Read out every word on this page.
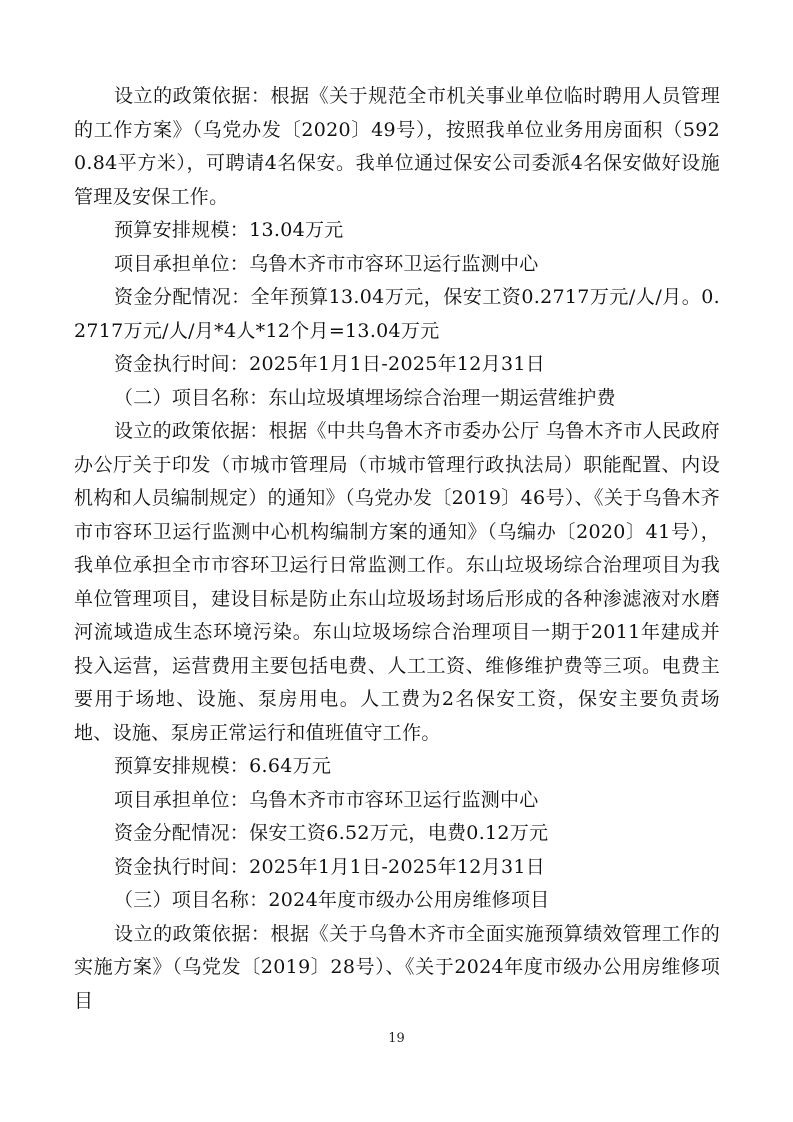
设立的政策依据：根据《关于规范全市机关事业单位临时聘用人员管理的工作方案》（乌党办发〔2020〕49号），按照我单位业务用房面积（5920.84平方米），可聘请4名保安。我单位通过保安公司委派4名保安做好设施管理及安保工作。

预算安排规模：13.04万元

项目承担单位：乌鲁木齐市市容环卫运行监测中心

资金分配情况：全年预算13.04万元，保安工资0.2717万元/人/月。0.2717万元/人/月*4人*12个月=13.04万元

资金执行时间：2025年1月1日-2025年12月31日

（二）项目名称：东山垃圾填埋场综合治理一期运营维护费

设立的政策依据：根据《中共乌鲁木齐市委办公厅 乌鲁木齐市人民政府办公厅关于印发（市城市管理局（市城市管理行政执法局）职能配置、内设机构和人员编制规定）的通知》（乌党办发〔2019〕46号）、《关于乌鲁木齐市市容环卫运行监测中心机构编制方案的通知》（乌编办〔2020〕41号），我单位承担全市市容环卫运行日常监测工作。东山垃圾场综合治理项目为我单位管理项目，建设目标是防止东山垃圾场封场后形成的各种渗滤液对水磨河流域造成生态环境污染。东山垃圾场综合治理项目一期于2011年建成并投入运营，运营费用主要包括电费、人工工资、维修维护费等三项。电费主要用于场地、设施、泵房用电。人工费为2名保安工资，保安主要负责场地、设施、泵房正常运行和值班值守工作。

预算安排规模：6.64万元

项目承担单位：乌鲁木齐市市容环卫运行监测中心

资金分配情况：保安工资6.52万元，电费0.12万元

资金执行时间：2025年1月1日-2025年12月31日

（三）项目名称：2024年度市级办公用房维修项目

设立的政策依据：根据《关于乌鲁木齐市全面实施预算绩效管理工作的实施方案》（乌党发〔2019〕28号）、《关于2024年度市级办公用房维修项目

19
